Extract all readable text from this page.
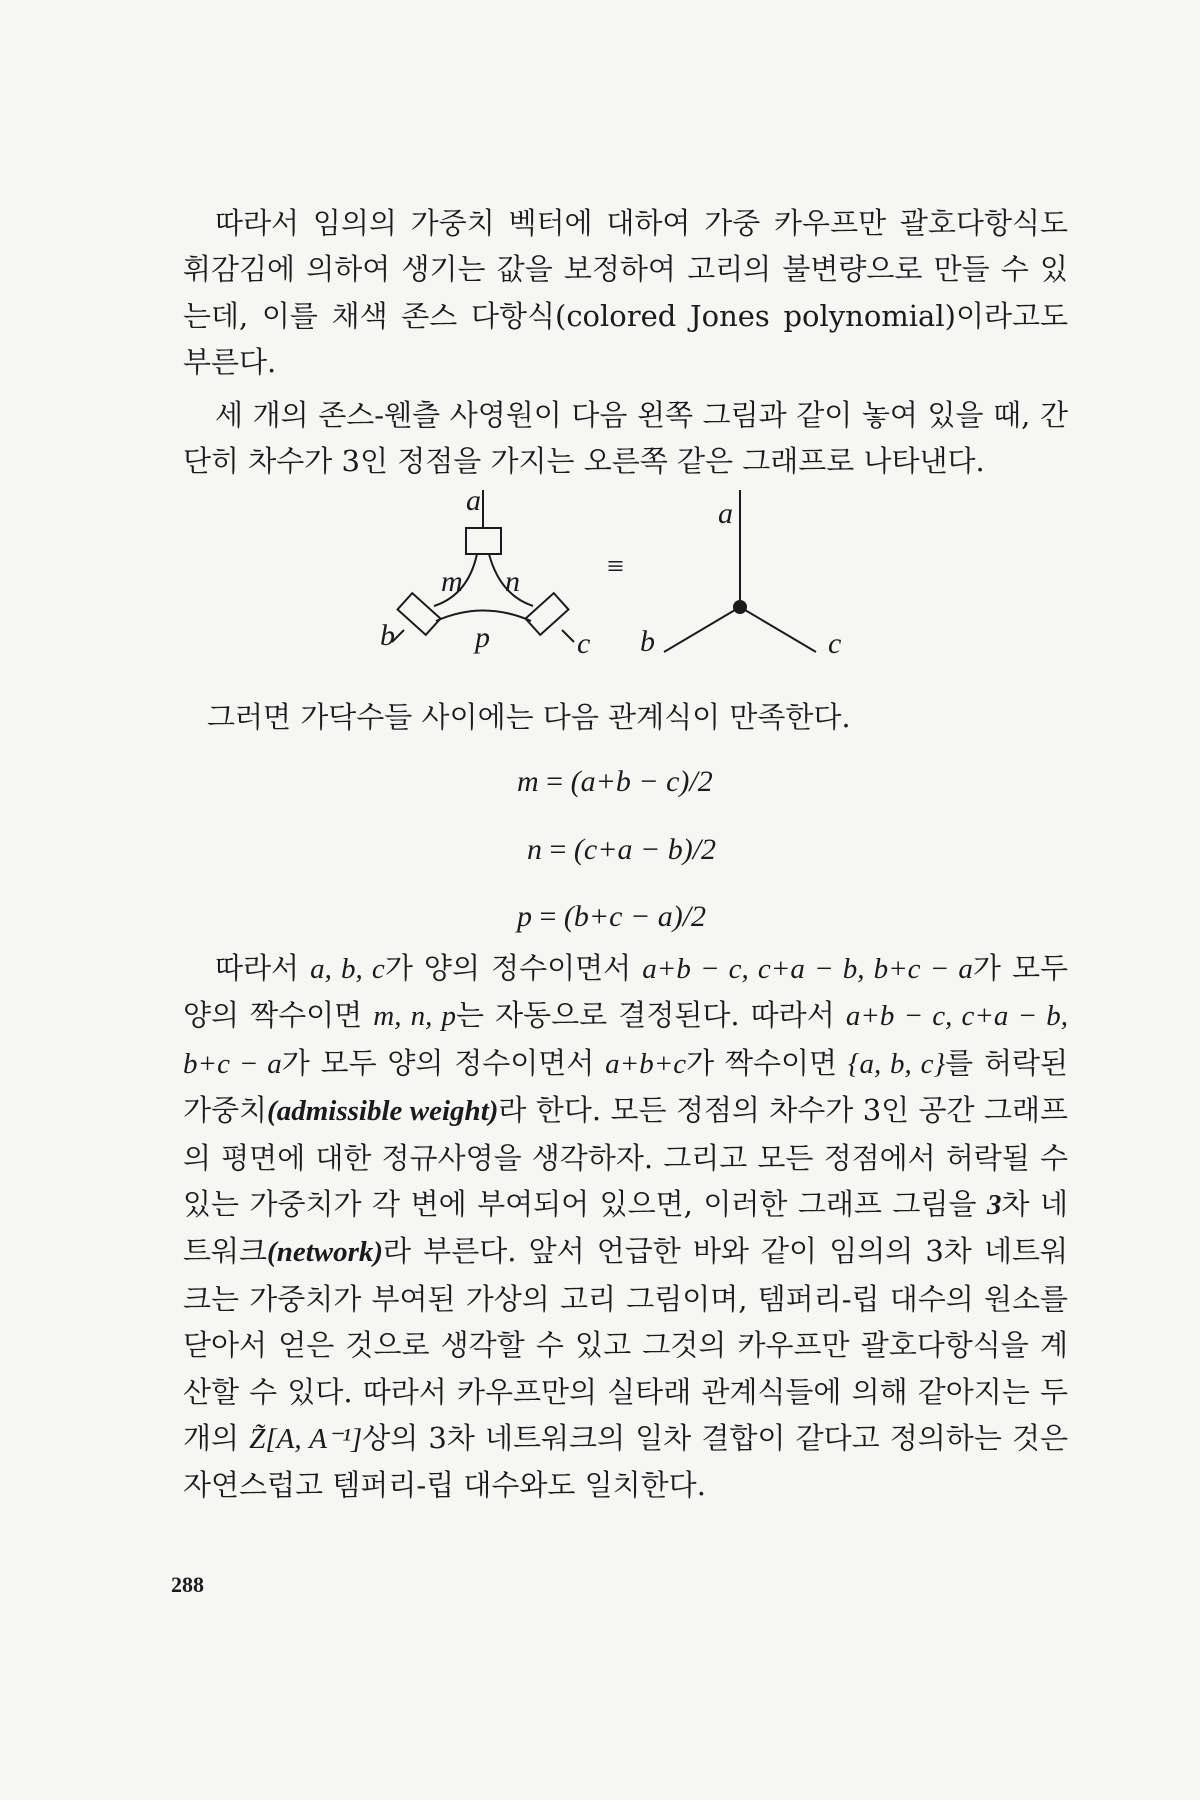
따라서 임의의 가중치 벡터에 대하여 가중 카우프만 괄호다항식도 휘감김에 의하여 생기는 값을 보정하여 고리의 불변량으로 만들 수 있는데, 이를 채색 존스 다항식(colored Jones polynomial)이라고도 부른다.

세 개의 존스-웬츨 사영원이 다음 왼쪽 그림과 같이 놓여 있을 때, 간단히 차수가 3인 정점을 가지는 오른쪽 같은 그래프로 나타낸다.

a
m n
b	p	c
≡
a
b	c

그러면 가닥수들 사이에는 다음 관계식이 만족한다.

m = (a+b − c)/2
n = (c+a − b)/2
p = (b+c − a)/2

따라서 a, b, c가 양의 정수이면서 a+b − c, c+a − b, b+c − a가 모두 양의 짝수이면 m, n, p는 자동으로 결정된다. 따라서 a+b − c, c+a − b, b+c − a가 모두 양의 정수이면서 a+b+c가 짝수이면 {a, b, c}를 허락된 가중치(admissible weight)라 한다. 모든 정점의 차수가 3인 공간 그래프의 평면에 대한 정규사영을 생각하자. 그리고 모든 정점에서 허락될 수 있는 가중치가 각 변에 부여되어 있으면, 이러한 그래프 그림을 3차 네트워크(network)라 부른다. 앞서 언급한 바와 같이 임의의 3차 네트워크는 가중치가 부여된 가상의 고리 그림이며, 템퍼리-립 대수의 원소를 닫아서 얻은 것으로 생각할 수 있고 그것의 카우프만 괄호다항식을 계산할 수 있다. 따라서 카우프만의 실타래 관계식들에 의해 같아지는 두 개의 Z̃[A, A⁻¹]상의 3차 네트워크의 일차 결합이 같다고 정의하는 것은 자연스럽고 템퍼리-립 대수와도 일치한다.

288
